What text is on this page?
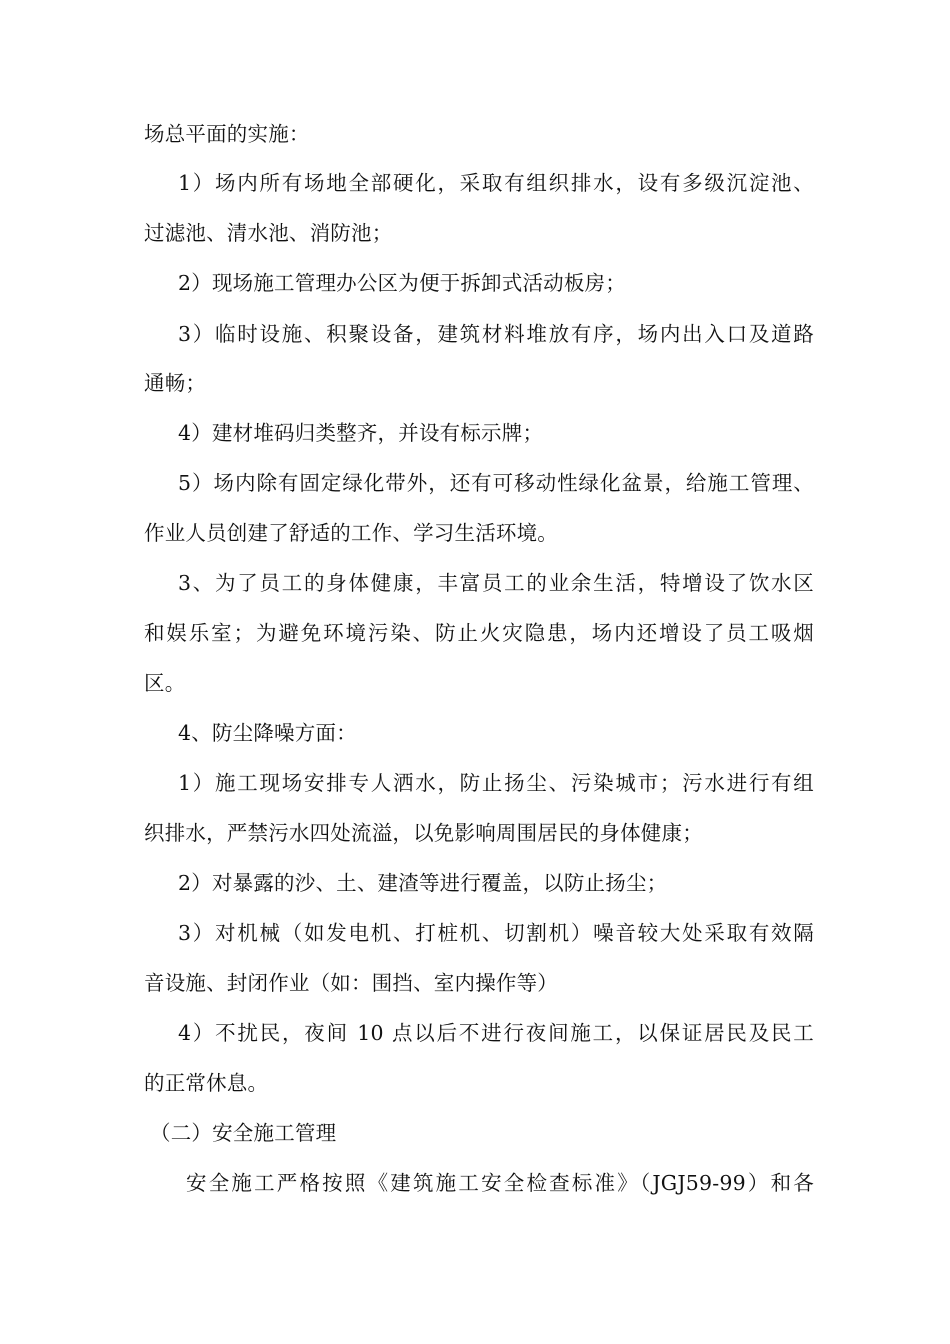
场总平面的实施：
1）场内所有场地全部硬化，采取有组织排水，设有多级沉淀池、
过滤池、清水池、消防池；
2）现场施工管理办公区为便于拆卸式活动板房；
3）临时设施、积聚设备，建筑材料堆放有序，场内出入口及道路
通畅；
4）建材堆码归类整齐，并设有标示牌；
5）场内除有固定绿化带外，还有可移动性绿化盆景，给施工管理、
作业人员创建了舒适的工作、学习生活环境。
3、为了员工的身体健康，丰富员工的业余生活，特增设了饮水区
和娱乐室；为避免环境污染、防止火灾隐患，场内还增设了员工吸烟
区。
4、防尘降噪方面：
1）施工现场安排专人洒水，防止扬尘、污染城市；污水进行有组
织排水，严禁污水四处流溢，以免影响周围居民的身体健康；
2）对暴露的沙、土、建渣等进行覆盖，以防止扬尘；
3）对机械（如发电机、打桩机、切割机）噪音较大处采取有效隔
音设施、封闭作业（如：围挡、室内操作等）
4）不扰民，夜间 10 点以后不进行夜间施工，以保证居民及民工
的正常休息。
（二）安全施工管理
安全施工严格按照《建筑施工安全检查标准》（JGJ59-99）和各
